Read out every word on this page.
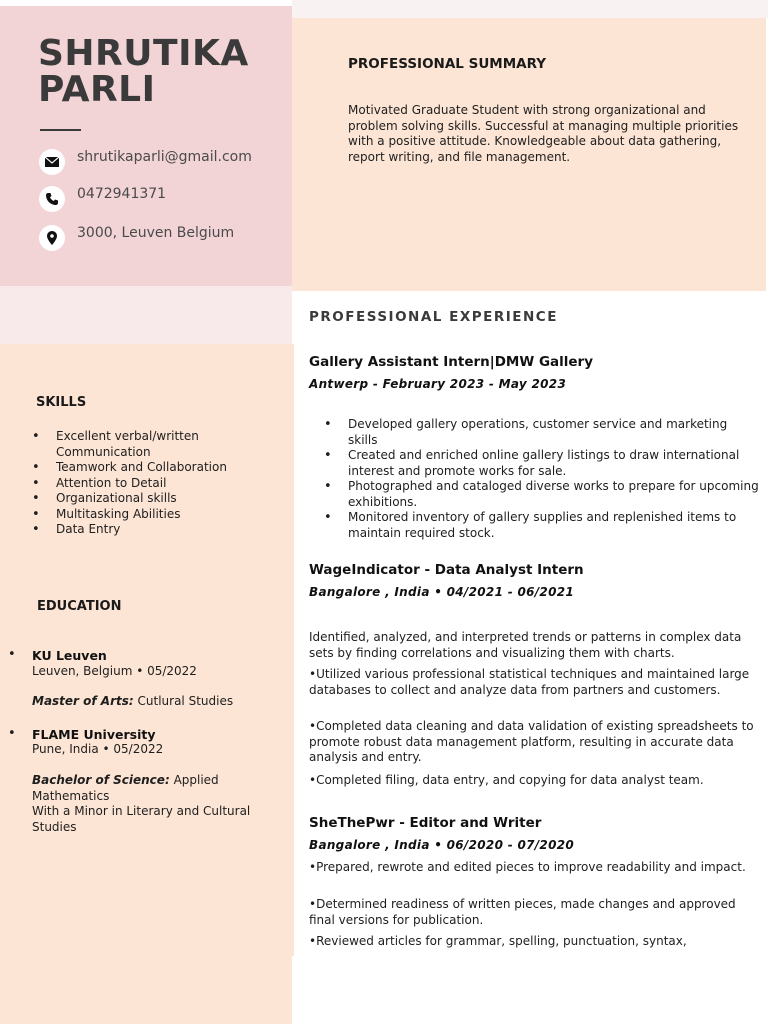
SHRUTIKA
PARLI
shrutikaparli@gmail.com
0472941371
3000, Leuven Belgium
PROFESSIONAL SUMMARY
Motivated Graduate Student with strong organizational and problem solving skills. Successful at managing multiple priorities with a positive attitude. Knowledgeable about data gathering, report writing, and file management.
SKILLS
• Excellent verbal/written Communication
• Teamwork and Collaboration
• Attention to Detail
• Organizational skills
• Multitasking Abilities
• Data Entry
EDUCATION
• KU Leuven
Leuven, Belgium • 05/2022
Master of Arts: Cutlural Studies
• FLAME University
Pune, India • 05/2022
Bachelor of Science: Applied Mathematics
With a Minor in Literary and Cultural Studies
PROFESSIONAL EXPERIENCE
Gallery Assistant Intern|DMW Gallery
Antwerp - February 2023 - May 2023
• Developed gallery operations, customer service and marketing skills
• Created and enriched online gallery listings to draw international interest and promote works for sale.
• Photographed and cataloged diverse works to prepare for upcoming exhibitions.
• Monitored inventory of gallery supplies and replenished items to maintain required stock.
WageIndicator - Data Analyst Intern
Bangalore , India • 04/2021 - 06/2021
Identified, analyzed, and interpreted trends or patterns in complex data sets by finding correlations and visualizing them with charts.
•Utilized various professional statistical techniques and maintained large databases to collect and analyze data from partners and customers.
•Completed data cleaning and data validation of existing spreadsheets to promote robust data management platform, resulting in accurate data analysis and entry.
•Completed filing, data entry, and copying for data analyst team.
SheThePwr - Editor and Writer
Bangalore , India • 06/2020 - 07/2020
•Prepared, rewrote and edited pieces to improve readability and impact.
•Determined readiness of written pieces, made changes and approved final versions for publication.
•Reviewed articles for grammar, spelling, punctuation, syntax,
